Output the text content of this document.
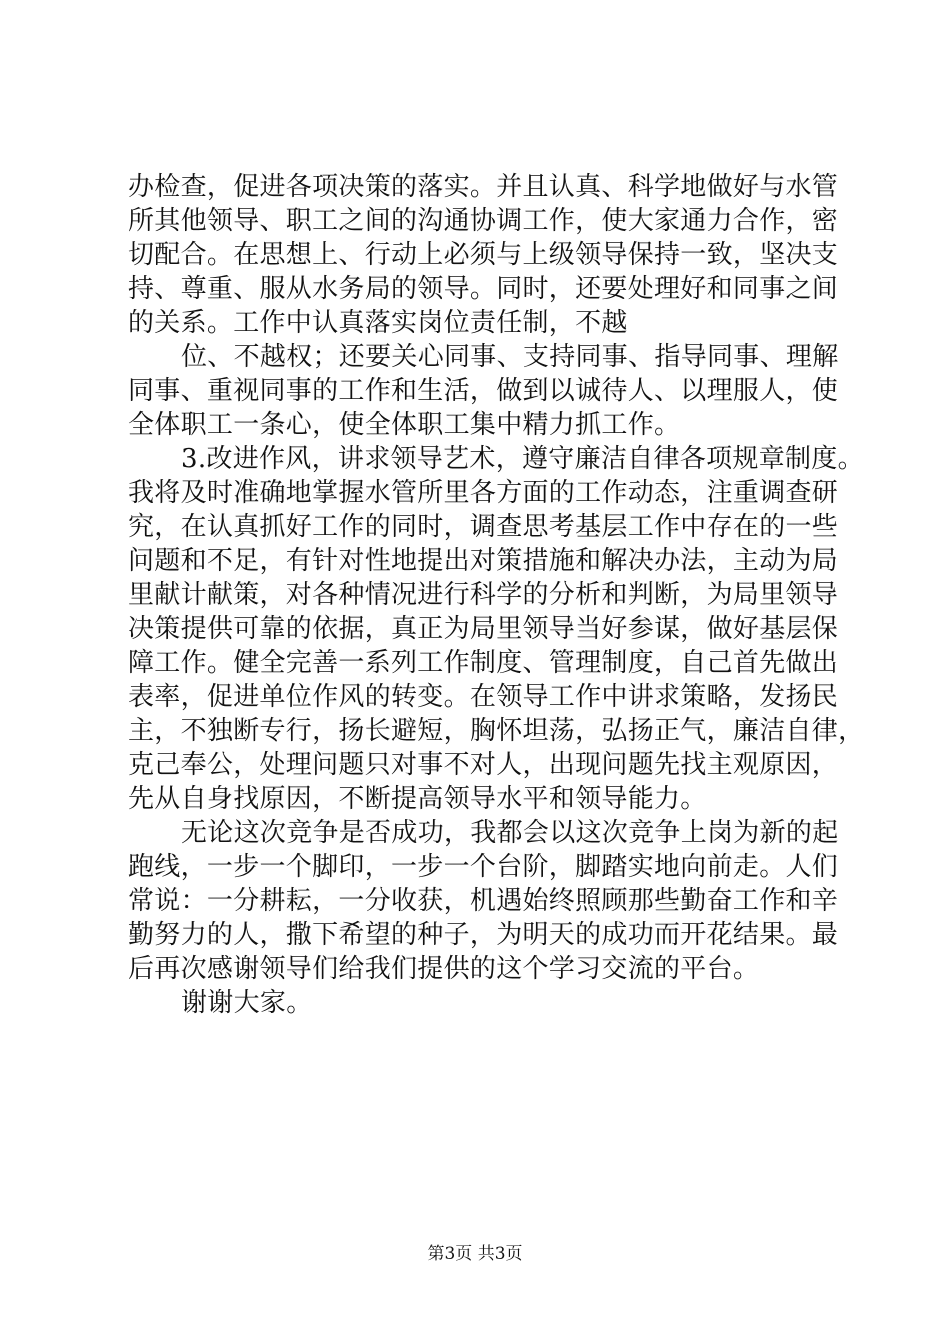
办检查，促进各项决策的落实。并且认真、科学地做好与水管
所其他领导、职工之间的沟通协调工作，使大家通力合作，密
切配合。在思想上、行动上必须与上级领导保持一致，坚决支
持、尊重、服从水务局的领导。同时，还要处理好和同事之间
的关系。工作中认真落实岗位责任制，不越
位、不越权；还要关心同事、支持同事、指导同事、理解
同事、重视同事的工作和生活，做到以诚待人、以理服人，使
全体职工一条心，使全体职工集中精力抓工作。
3.改进作风，讲求领导艺术，遵守廉洁自律各项规章制度。
我将及时准确地掌握水管所里各方面的工作动态，注重调查研
究，在认真抓好工作的同时，调查思考基层工作中存在的一些
问题和不足，有针对性地提出对策措施和解决办法，主动为局
里献计献策，对各种情况进行科学的分析和判断，为局里领导
决策提供可靠的依据，真正为局里领导当好参谋，做好基层保
障工作。健全完善一系列工作制度、管理制度，自己首先做出
表率，促进单位作风的转变。在领导工作中讲求策略，发扬民
主，不独断专行，扬长避短，胸怀坦荡，弘扬正气，廉洁自律，
克己奉公，处理问题只对事不对人，出现问题先找主观原因，
先从自身找原因，不断提高领导水平和领导能力。
无论这次竞争是否成功，我都会以这次竞争上岗为新的起
跑线，一步一个脚印，一步一个台阶，脚踏实地向前走。人们
常说：一分耕耘，一分收获，机遇始终照顾那些勤奋工作和辛
勤努力的人，撒下希望的种子，为明天的成功而开花结果。最
后再次感谢领导们给我们提供的这个学习交流的平台。
谢谢大家。
第3页 共3页
